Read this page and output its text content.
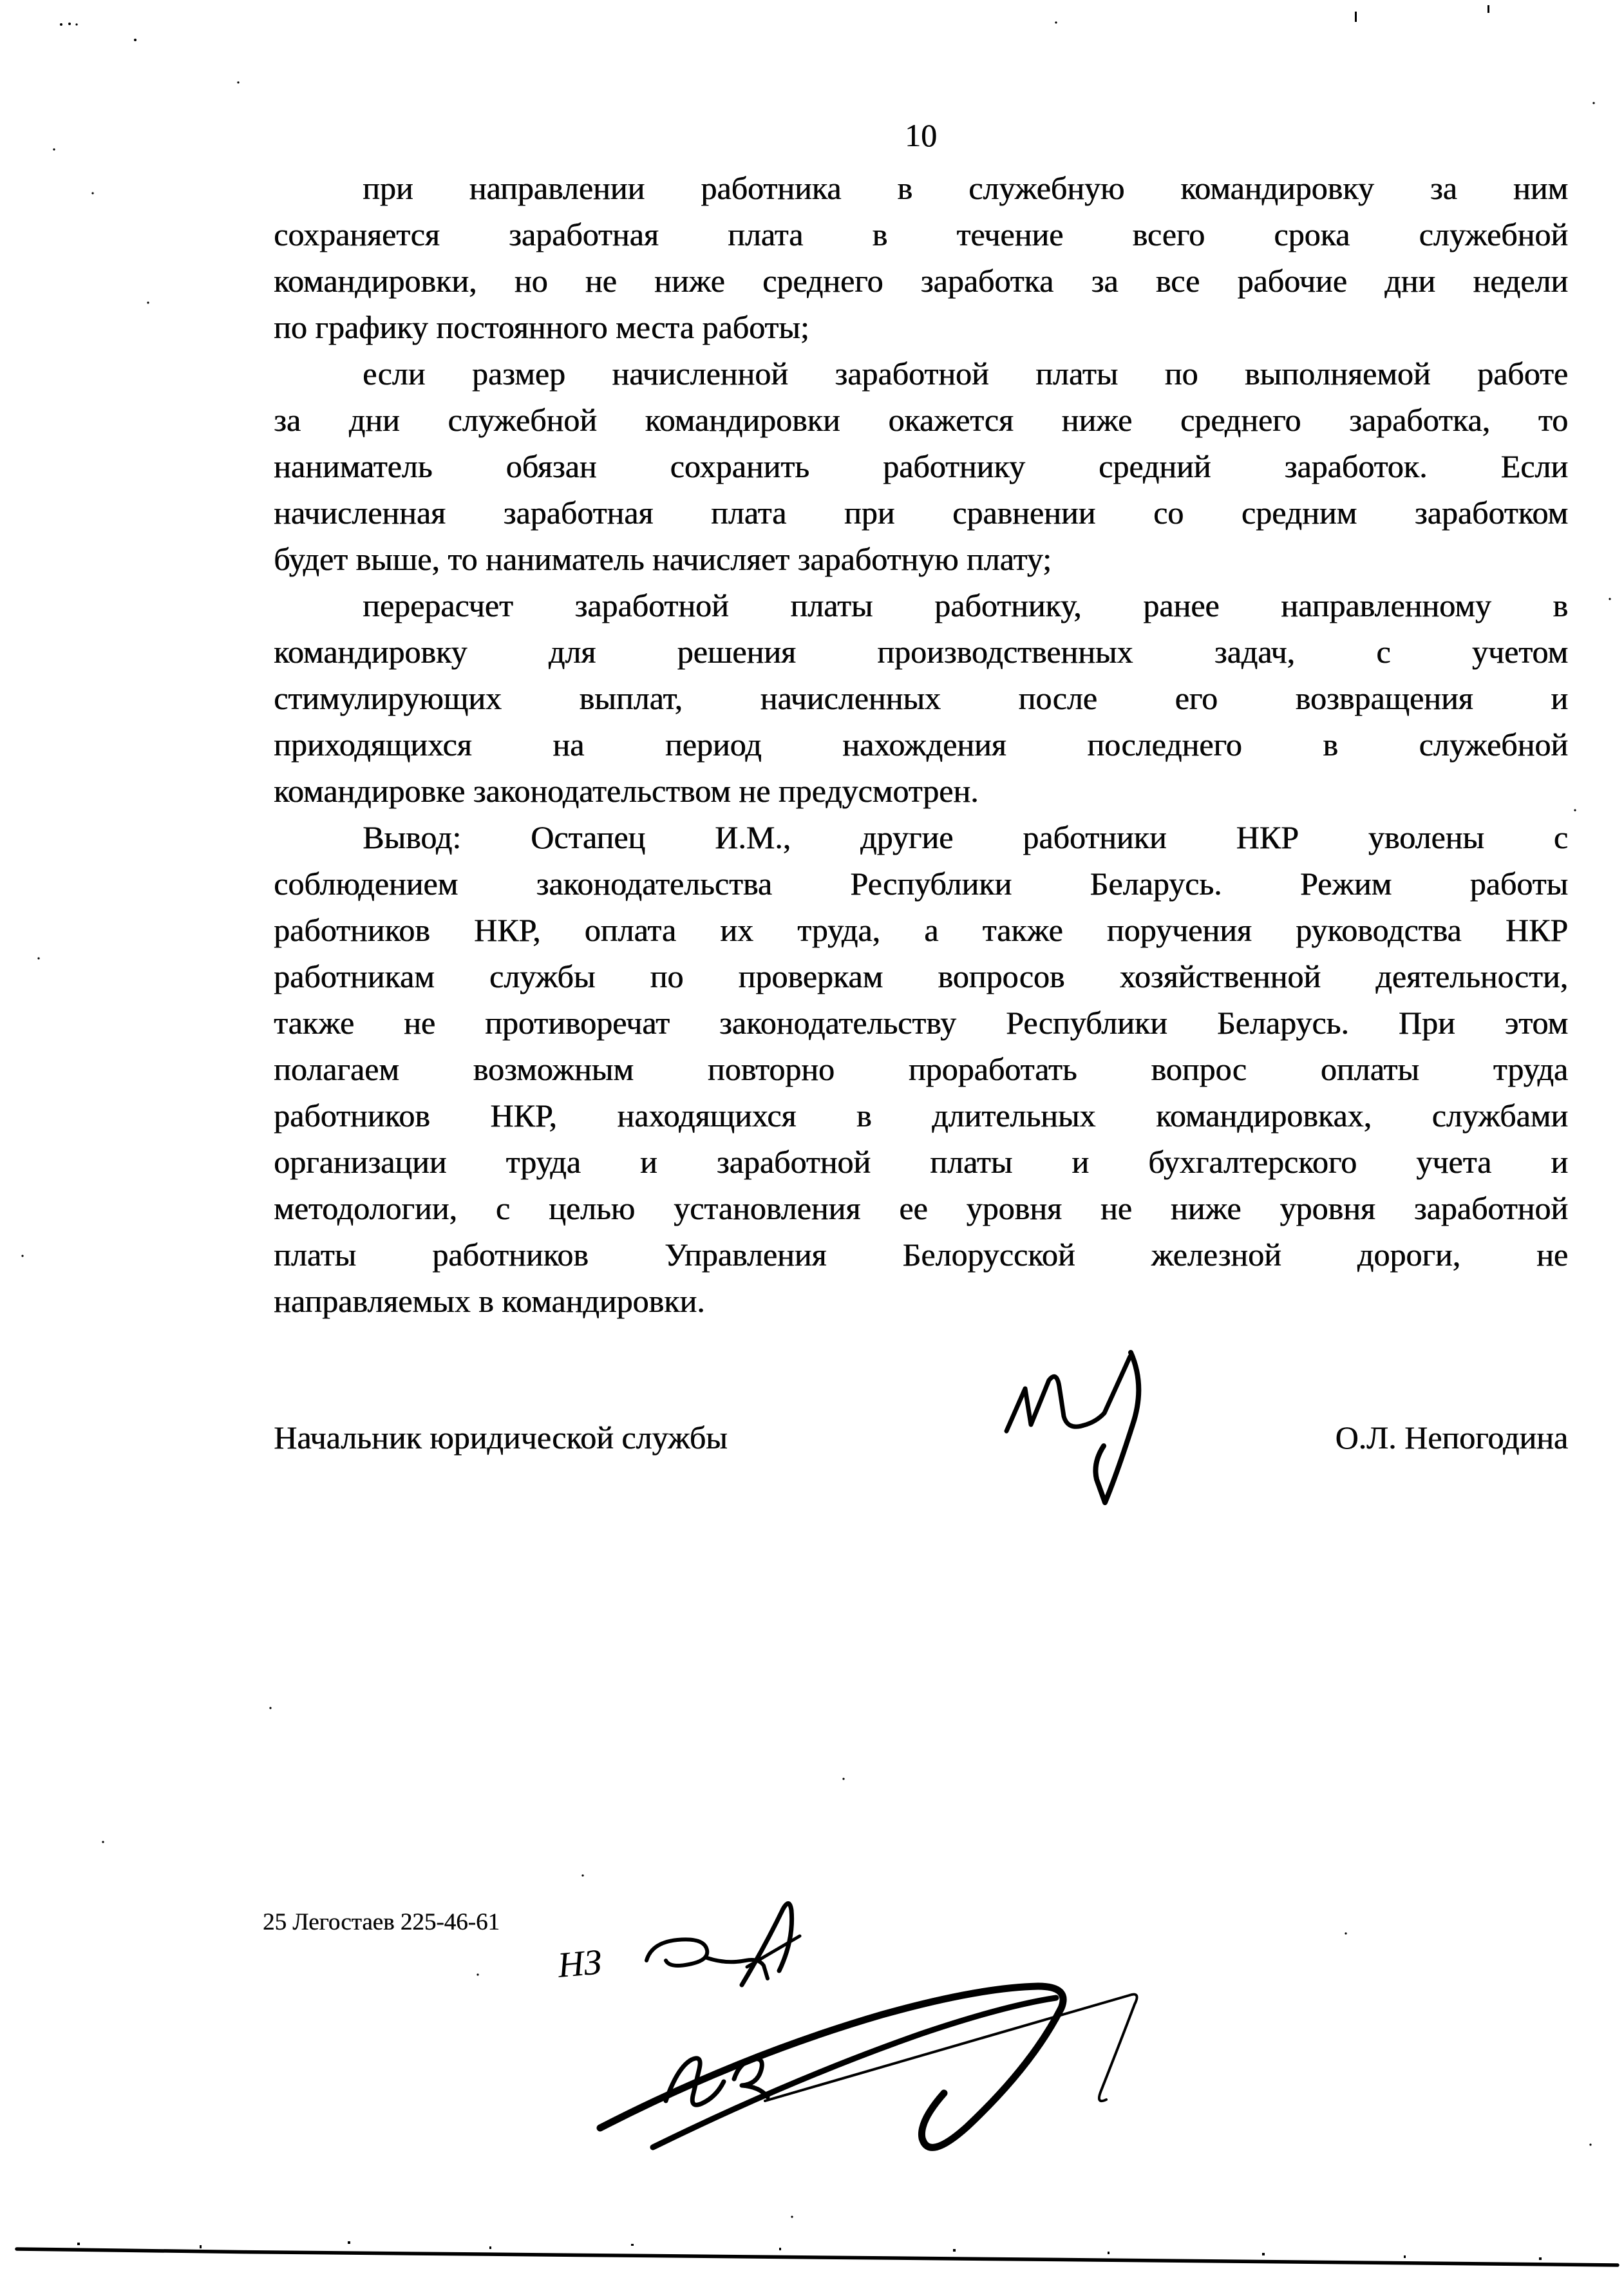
10
при направлении работника в служебную командировку за ним
сохраняется заработная плата в течение всего срока служебной
командировки, но не ниже среднего заработка за все рабочие дни недели
по графику постоянного места работы;
если размер начисленной заработной платы по выполняемой работе
за дни служебной командировки окажется ниже среднего заработка, то
наниматель обязан сохранить работнику средний заработок. Если
начисленная заработная плата при сравнении со средним заработком
будет выше, то наниматель начисляет заработную плату;
перерасчет заработной платы работнику, ранее направленному в
командировку для решения производственных задач, с учетом
стимулирующих выплат, начисленных после его возвращения и
приходящихся на период нахождения последнего в служебной
командировке законодательством не предусмотрен.
Вывод: Остапец И.М., другие работники НКР уволены с
соблюдением законодательства Республики Беларусь. Режим работы
работников НКР, оплата их труда, а также поручения руководства НКР
работникам службы по проверкам вопросов хозяйственной деятельности,
также не противоречат законодательству Республики Беларусь. При этом
полагаем возможным повторно проработать вопрос оплаты труда
работников НКР, находящихся в длительных командировках, службами
организации труда и заработной платы и бухгалтерского учета и
методологии, с целью установления ее уровня не ниже уровня заработной
платы работников Управления Белорусской железной дороги, не
направляемых в командировки.
Начальник юридической службы	О.Л. Непогодина
25 Легостаев 225-46-61
НЗ
